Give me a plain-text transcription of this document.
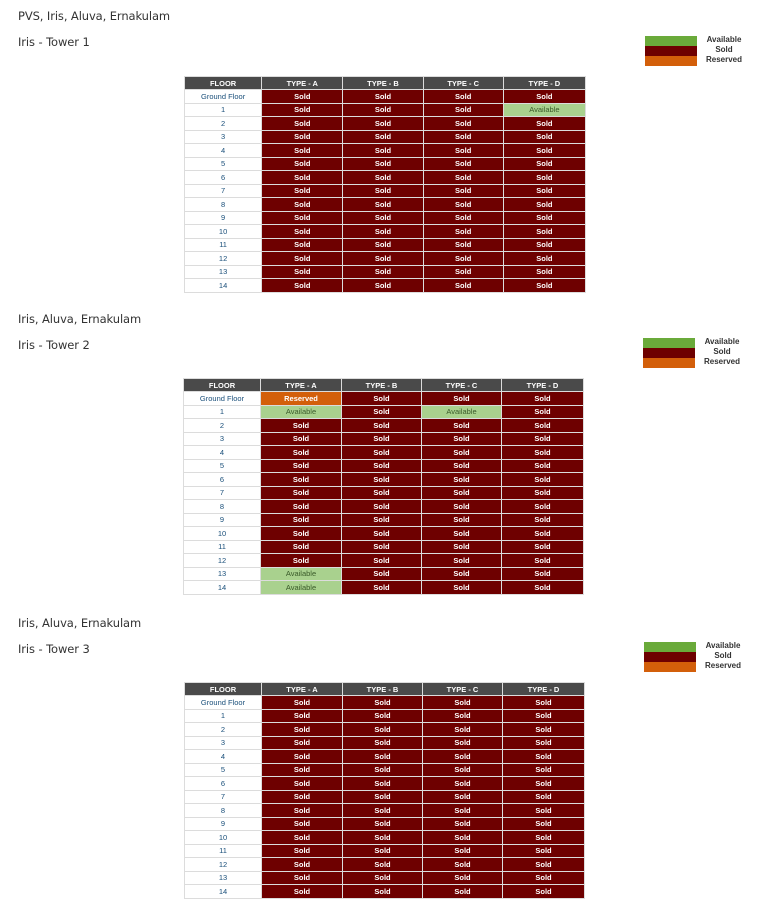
PVS, Iris, Aluva, Ernakulam
Iris - Tower 1	Available
Sold
Reserved
FLOOR	TYPE - A	TYPE - B	TYPE - C	TYPE - D
Ground Floor	Sold	Sold	Sold	Sold
1	Sold	Sold	Sold	Available
2	Sold	Sold	Sold	Sold
3	Sold	Sold	Sold	Sold
4	Sold	Sold	Sold	Sold
5	Sold	Sold	Sold	Sold
6	Sold	Sold	Sold	Sold
7	Sold	Sold	Sold	Sold
8	Sold	Sold	Sold	Sold
9	Sold	Sold	Sold	Sold
10	Sold	Sold	Sold	Sold
11	Sold	Sold	Sold	Sold
12	Sold	Sold	Sold	Sold
13	Sold	Sold	Sold	Sold
14	Sold	Sold	Sold	Sold
Iris, Aluva, Ernakulam
Iris - Tower 2	Available
Sold
Reserved
FLOOR	TYPE - A	TYPE - B	TYPE - C	TYPE - D
Ground Floor	Reserved	Sold	Sold	Sold
1	Available	Sold	Available	Sold
2	Sold	Sold	Sold	Sold
3	Sold	Sold	Sold	Sold
4	Sold	Sold	Sold	Sold
5	Sold	Sold	Sold	Sold
6	Sold	Sold	Sold	Sold
7	Sold	Sold	Sold	Sold
8	Sold	Sold	Sold	Sold
9	Sold	Sold	Sold	Sold
10	Sold	Sold	Sold	Sold
11	Sold	Sold	Sold	Sold
12	Sold	Sold	Sold	Sold
13	Available	Sold	Sold	Sold
14	Available	Sold	Sold	Sold
Iris, Aluva, Ernakulam
Iris - Tower 3	Available
Sold
Reserved
FLOOR	TYPE - A	TYPE - B	TYPE - C	TYPE - D
Ground Floor	Sold	Sold	Sold	Sold
1	Sold	Sold	Sold	Sold
2	Sold	Sold	Sold	Sold
3	Sold	Sold	Sold	Sold
4	Sold	Sold	Sold	Sold
5	Sold	Sold	Sold	Sold
6	Sold	Sold	Sold	Sold
7	Sold	Sold	Sold	Sold
8	Sold	Sold	Sold	Sold
9	Sold	Sold	Sold	Sold
10	Sold	Sold	Sold	Sold
11	Sold	Sold	Sold	Sold
12	Sold	Sold	Sold	Sold
13	Sold	Sold	Sold	Sold
14	Sold	Sold	Sold	Sold
